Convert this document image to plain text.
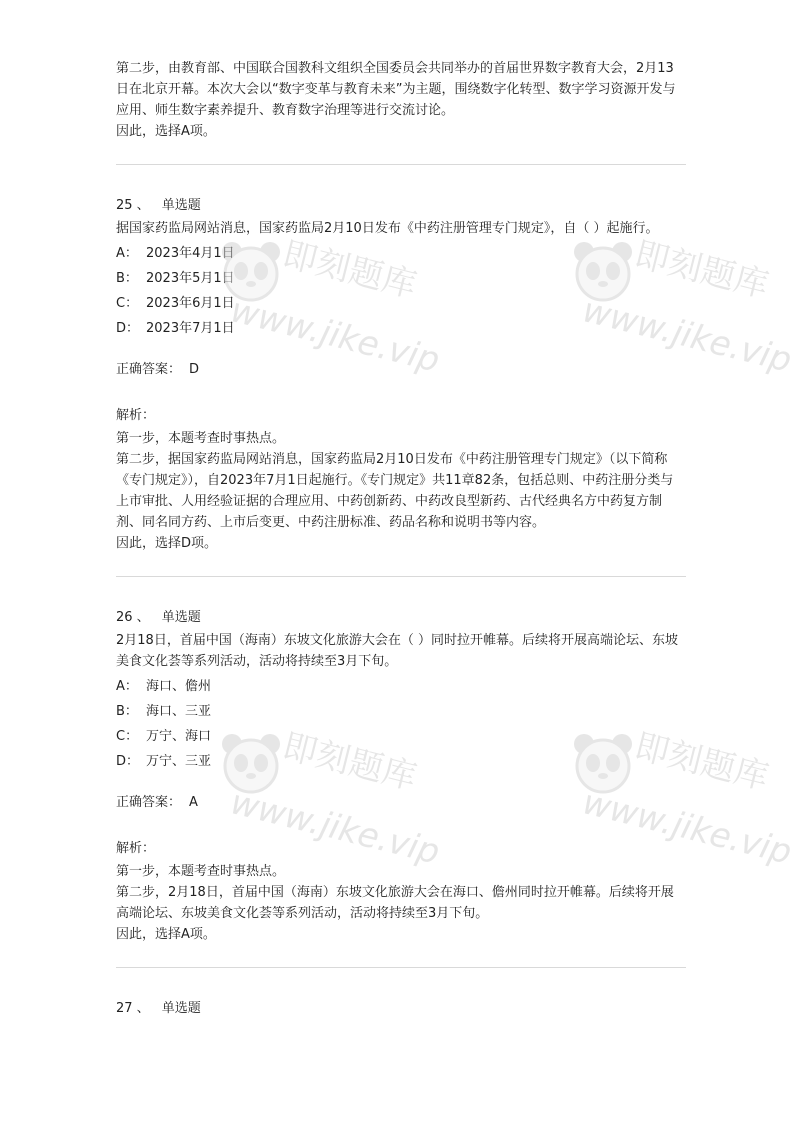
第二步，由教育部、中国联合国教科文组织全国委员会共同举办的首届世界数字教育大会，2月13日在北京开幕。本次大会以“数字变革与教育未来”为主题，围绕数字化转型、数字学习资源开发与应用、师生数字素养提升、教育数字治理等进行交流讨论。

因此，选择A项。

25 、 单选题

据国家药监局网站消息，国家药监局2月10日发布《中药注册管理专门规定》，自（ ）起施行。

A： 2023年4月1日
B： 2023年5月1日
C： 2023年6月1日
D： 2023年7月1日
正确答案： D
解析：

第一步，本题考查时事热点。

第二步，据国家药监局网站消息，国家药监局2月10日发布《中药注册管理专门规定》（以下简称《专门规定》），自2023年7月1日起施行。《专门规定》共11章82条，包括总则、中药注册分类与上市审批、人用经验证据的合理应用、中药创新药、中药改良型新药、古代经典名方中药复方制剂、同名同方药、上市后变更、中药注册标准、药品名称和说明书等内容。

因此，选择D项。

26 、 单选题

2月18日，首届中国（海南）东坡文化旅游大会在（ ）同时拉开帷幕。后续将开展高端论坛、东坡美食文化荟等系列活动，活动将持续至3月下旬。

A： 海口、儋州
B： 海口、三亚
C： 万宁、海口
D： 万宁、三亚
正确答案： A
解析：

第一步，本题考查时事热点。

第二步，2月18日，首届中国（海南）东坡文化旅游大会在海口、儋州同时拉开帷幕。后续将开展高端论坛、东坡美食文化荟等系列活动，活动将持续至3月下旬。

因此，选择A项。

27 、 单选题
即刻题库
www.jike.vip
即刻题库
www.jike.vip
即刻题库
www.jike.vip
即刻题库
www.jike.vip
